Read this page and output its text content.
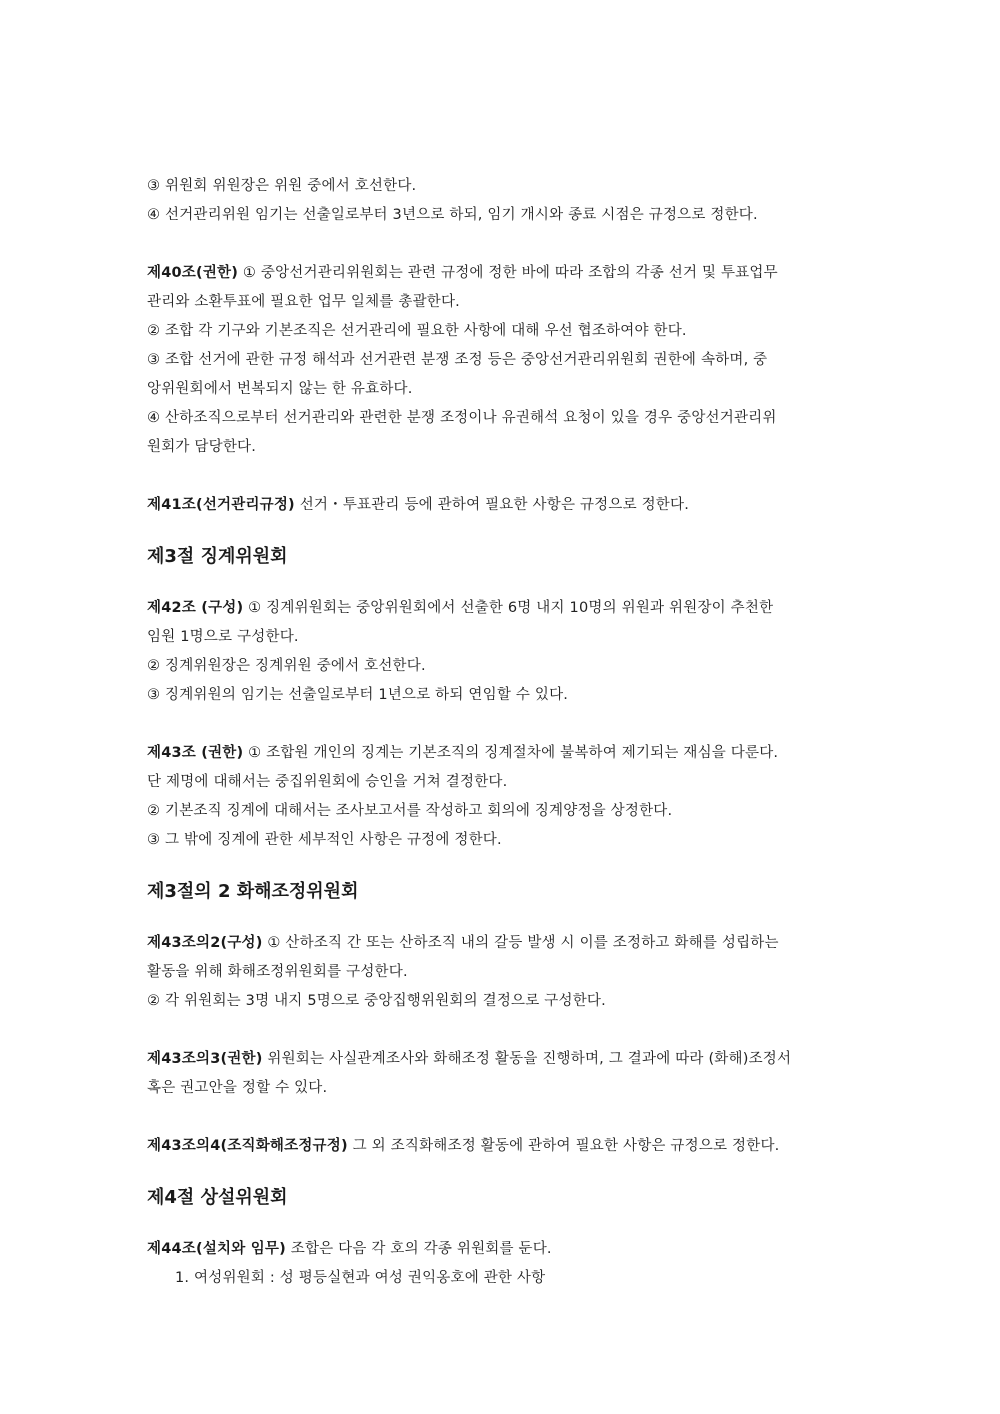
③ 위원회 위원장은 위원 중에서 호선한다.
④ 선거관리위원 임기는 선출일로부터 3년으로 하되, 임기 개시와 종료 시점은 규정으로 정한다.
제40조(권한) ① 중앙선거관리위원회는 관련 규정에 정한 바에 따라 조합의 각종 선거 및 투표업무
관리와 소환투표에 필요한 업무 일체를 총괄한다.
② 조합 각 기구와 기본조직은 선거관리에 필요한 사항에 대해 우선 협조하여야 한다.
③ 조합 선거에 관한 규정 해석과 선거관련 분쟁 조정 등은 중앙선거관리위원회 권한에 속하며, 중
앙위원회에서 번복되지 않는 한 유효하다.
④ 산하조직으로부터 선거관리와 관련한 분쟁 조정이나 유권해석 요청이 있을 경우 중앙선거관리위
원회가 담당한다.
제41조(선거관리규정) 선거・투표관리 등에 관하여 필요한 사항은 규정으로 정한다.
제3절 징계위원회
제42조 (구성) ① 징계위원회는 중앙위원회에서 선출한 6명 내지 10명의 위원과 위원장이 추천한
임원 1명으로 구성한다.
② 징계위원장은 징계위원 중에서 호선한다.
③ 징계위원의 임기는 선출일로부터 1년으로 하되 연임할 수 있다.
제43조 (권한) ① 조합원 개인의 징계는 기본조직의 징계절차에 불복하여 제기되는 재심을 다룬다.
단 제명에 대해서는 중집위원회에 승인을 거쳐 결정한다.
② 기본조직 징계에 대해서는 조사보고서를 작성하고 회의에 징계양정을 상정한다.
③ 그 밖에 징계에 관한 세부적인 사항은 규정에 정한다.
제3절의 2 화해조정위원회
제43조의2(구성) ① 산하조직 간 또는 산하조직 내의 갈등 발생 시 이를 조정하고 화해를 성립하는
활동을 위해 화해조정위원회를 구성한다.
② 각 위원회는 3명 내지 5명으로 중앙집행위원회의 결정으로 구성한다.
제43조의3(권한) 위원회는 사실관계조사와 화해조정 활동을 진행하며, 그 결과에 따라 (화해)조정서
혹은 권고안을 정할 수 있다.
제43조의4(조직화해조정규정) 그 외 조직화해조정 활동에 관하여 필요한 사항은 규정으로 정한다.
제4절 상설위원회
제44조(설치와 임무) 조합은 다음 각 호의 각종 위원회를 둔다.
1. 여성위원회 : 성 평등실현과 여성 권익옹호에 관한 사항
